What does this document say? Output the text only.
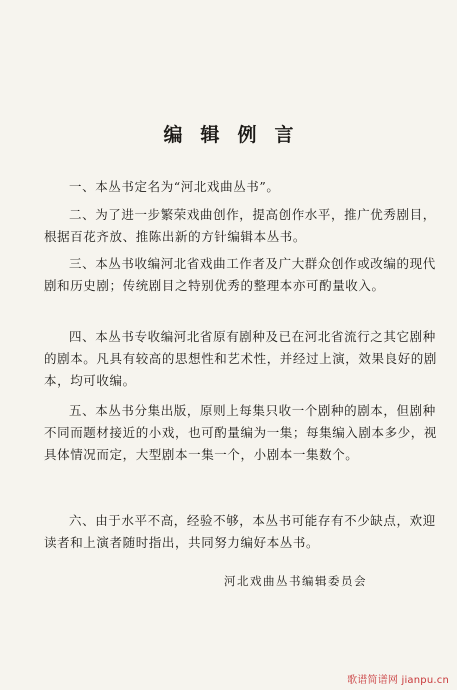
编辑例言

一、本丛书定名为“河北戏曲丛书”。

二、为了进一步繁荣戏曲创作，提高创作水平，推广优秀剧目，根据百花齐放、推陈出新的方针编辑本丛书。

三、本丛书收编河北省戏曲工作者及广大群众创作或改编的现代剧和历史剧；传统剧目之特别优秀的整理本亦可酌量收入。

四、本丛书专收编河北省原有剧种及已在河北省流行之其它剧种的剧本。凡具有较高的思想性和艺术性，并经过上演，效果良好的剧本，均可收编。

五、本丛书分集出版，原则上每集只收一个剧种的剧本，但剧种不同而题材接近的小戏，也可酌量编为一集；每集编入剧本多少，视具体情况而定，大型剧本一集一个，小剧本一集数个。

六、由于水平不高，经验不够，本丛书可能存有不少缺点，欢迎读者和上演者随时指出，共同努力编好本丛书。

河北戏曲丛书编辑委员会
歌谱简谱网 jianpu.cn
